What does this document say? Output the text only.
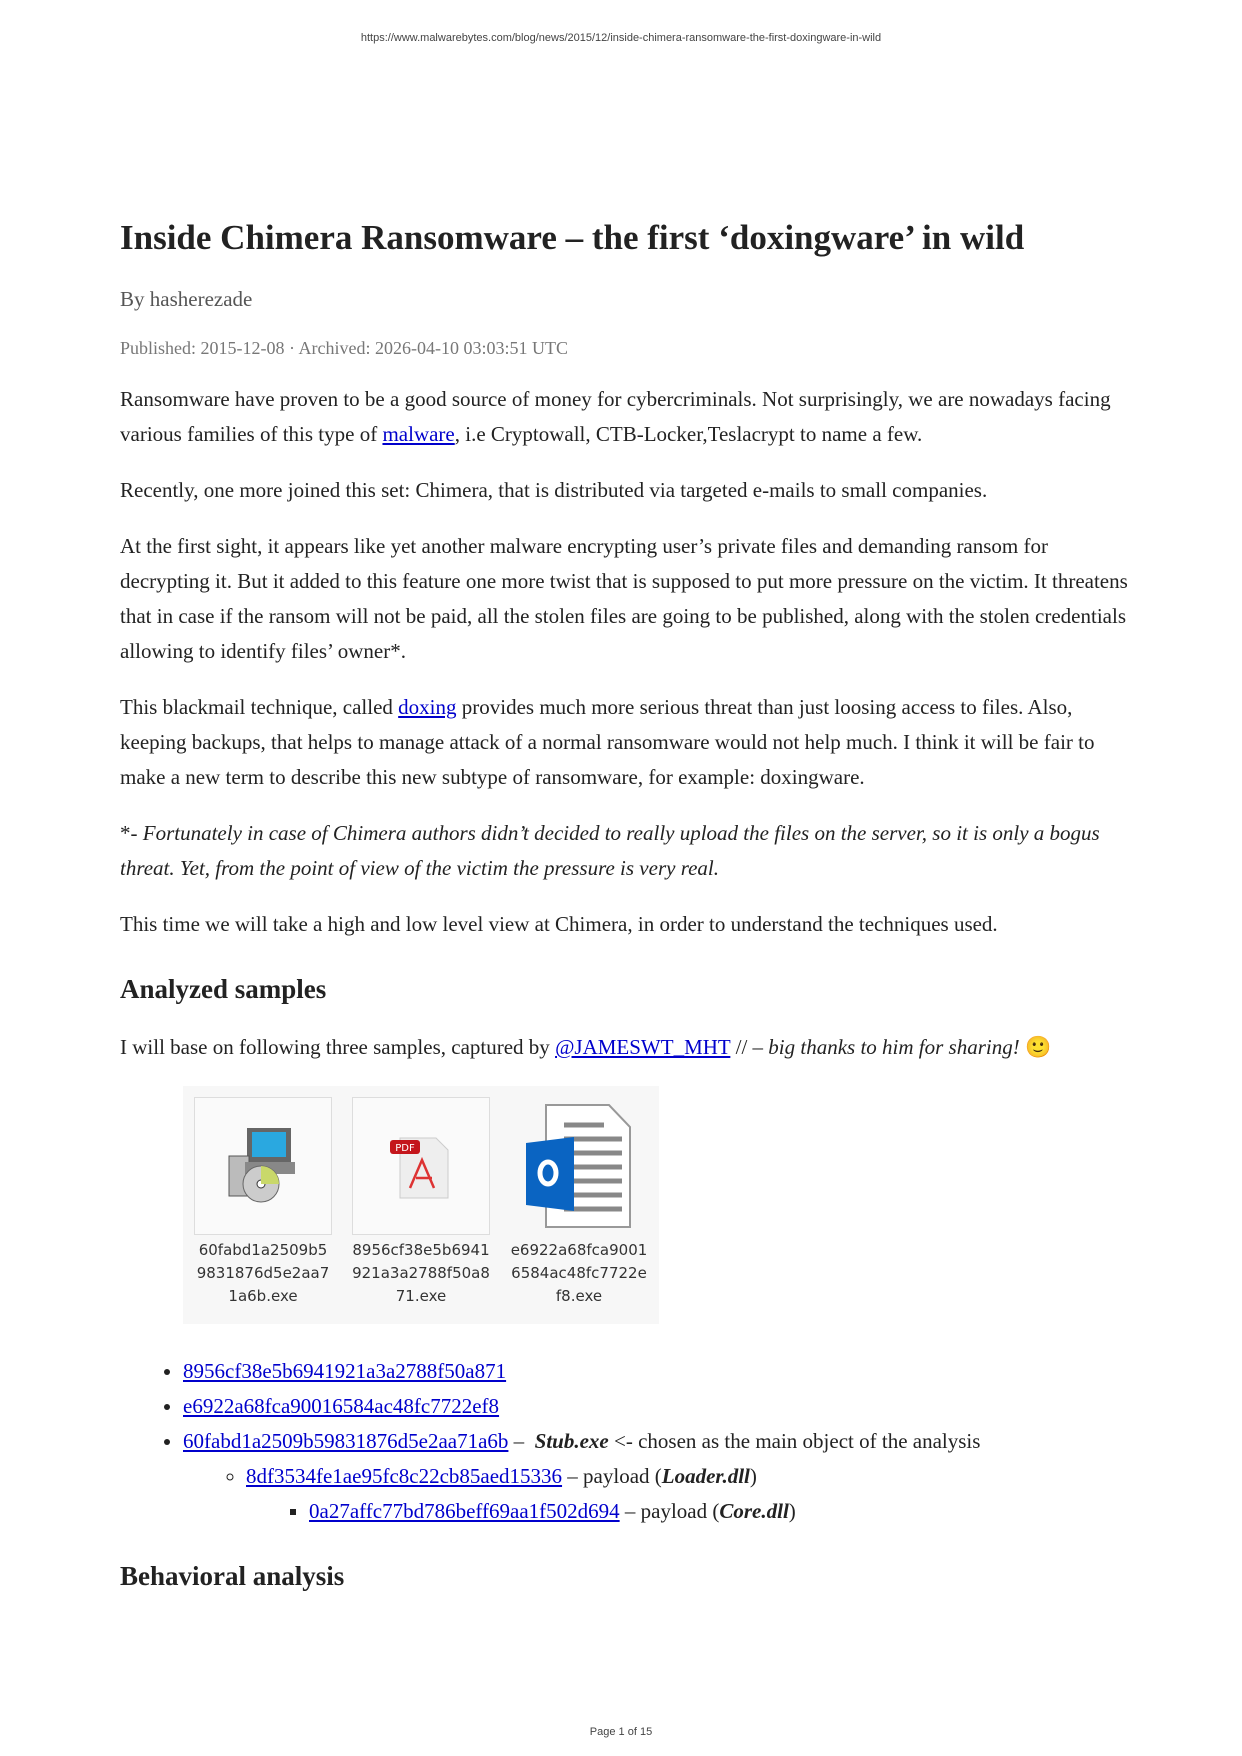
https://www.malwarebytes.com/blog/news/2015/12/inside-chimera-ransomware-the-first-doxingware-in-wild
Inside Chimera Ransomware – the first ‘doxingware’ in wild
By hasherezade
Published: 2015-12-08 · Archived: 2026-04-10 03:03:51 UTC

Ransomware have proven to be a good source of money for cybercriminals. Not surprisingly, we are nowadays facing various families of this type of malware, i.e Cryptowall, CTB-Locker,Teslacrypt to name a few.

Recently, one more joined this set: Chimera, that is distributed via targeted e-mails to small companies.

At the first sight, it appears like yet another malware encrypting user’s private files and demanding ransom for decrypting it. But it added to this feature one more twist that is supposed to put more pressure on the victim. It threatens that in case if the ransom will not be paid, all the stolen files are going to be published, along with the stolen credentials allowing to identify files’ owner*.

This blackmail technique, called doxing provides much more serious threat than just loosing access to files. Also, keeping backups, that helps to manage attack of a normal ransomware would not help much. I think it will be fair to make a new term to describe this new subtype of ransomware, for example: doxingware.

*- Fortunately in case of Chimera authors didn’t decided to really upload the files on the server, so it is only a bogus threat. Yet, from the point of view of the victim the pressure is very real.

This time we will take a high and low level view at Chimera, in order to understand the techniques used.

Analyzed samples

I will base on following three samples, captured by @JAMESWT_MHT // – big thanks to him for sharing! 🙂

60fabd1a2509b59831876d5e2aa71a6b.exe
PDF
8956cf38e5b6941921a3a2788f50a871.exe
e6922a68fca90016584ac48fc7722ef8.exe
• 8956cf38e5b6941921a3a2788f50a871
• e6922a68fca90016584ac48fc7722ef8
• 60fabd1a2509b59831876d5e2aa71a6b –  Stub.exe <- chosen as the main object of the analysis
◦ 8df3534fe1ae95fc8c22cb85aed15336 – payload (Loader.dll)
▪ 0a27affc77bd786beff69aa1f502d694 – payload (Core.dll)
Behavioral analysis
Page 1 of 15
